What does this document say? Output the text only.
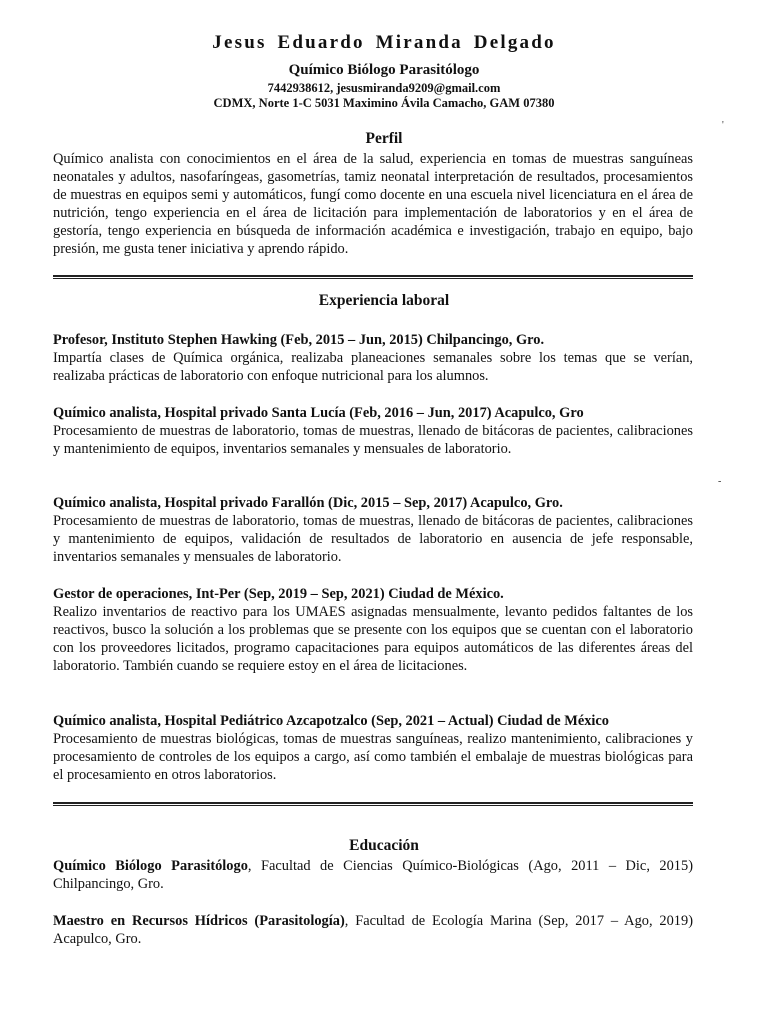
Jesus Eduardo Miranda Delgado
Químico Biólogo Parasitólogo
7442938612, jesusmiranda9209@gmail.com
CDMX, Norte 1-C 5031 Maximino Ávila Camacho, GAM 07380
Perfil
Químico analista con conocimientos en el área de la salud, experiencia en tomas de muestras sanguíneas neonatales y adultos, nasofaríngeas, gasometrías, tamiz neonatal interpretación de resultados, procesamientos de muestras en equipos semi y automáticos, fungí como docente en una escuela nivel licenciatura en el área de nutrición, tengo experiencia en el área de licitación para implementación de laboratorios y en el área de gestoría, tengo experiencia en búsqueda de información académica e investigación, trabajo en equipo, bajo presión, me gusta tener iniciativa y aprendo rápido.
Experiencia laboral
Profesor, Instituto Stephen Hawking (Feb, 2015 – Jun, 2015) Chilpancingo, Gro.
Impartía clases de Química orgánica, realizaba planeaciones semanales sobre los temas que se verían, realizaba prácticas de laboratorio con enfoque nutricional para los alumnos.
Químico analista, Hospital privado Santa Lucía (Feb, 2016 – Jun, 2017) Acapulco, Gro
Procesamiento de muestras de laboratorio, tomas de muestras, llenado de bitácoras de pacientes, calibraciones y mantenimiento de equipos, inventarios semanales y mensuales de laboratorio.
Químico analista, Hospital privado Farallón (Dic, 2015 – Sep, 2017) Acapulco, Gro.
Procesamiento de muestras de laboratorio, tomas de muestras, llenado de bitácoras de pacientes, calibraciones y mantenimiento de equipos, validación de resultados de laboratorio en ausencia de jefe responsable, inventarios semanales y mensuales de laboratorio.
Gestor de operaciones, Int-Per (Sep, 2019 – Sep, 2021) Ciudad de México.
Realizo inventarios de reactivo para los UMAES asignadas mensualmente, levanto pedidos faltantes de los reactivos, busco la solución a los problemas que se presente con los equipos que se cuentan con el laboratorio con los proveedores licitados, programo capacitaciones para equipos automáticos de las diferentes áreas del laboratorio. También cuando se requiere estoy en el área de licitaciones.
Químico analista, Hospital Pediátrico Azcapotzalco (Sep, 2021 – Actual) Ciudad de México
Procesamiento de muestras biológicas, tomas de muestras sanguíneas, realizo mantenimiento, calibraciones y procesamiento de controles de los equipos a cargo, así como también el embalaje de muestras biológicas para el procesamiento en otros laboratorios.
Educación
Químico Biólogo Parasitólogo, Facultad de Ciencias Químico-Biológicas (Ago, 2011 – Dic, 2015) Chilpancingo, Gro.
Maestro en Recursos Hídricos (Parasitología), Facultad de Ecología Marina (Sep, 2017 – Ago, 2019) Acapulco, Gro.
'
-
